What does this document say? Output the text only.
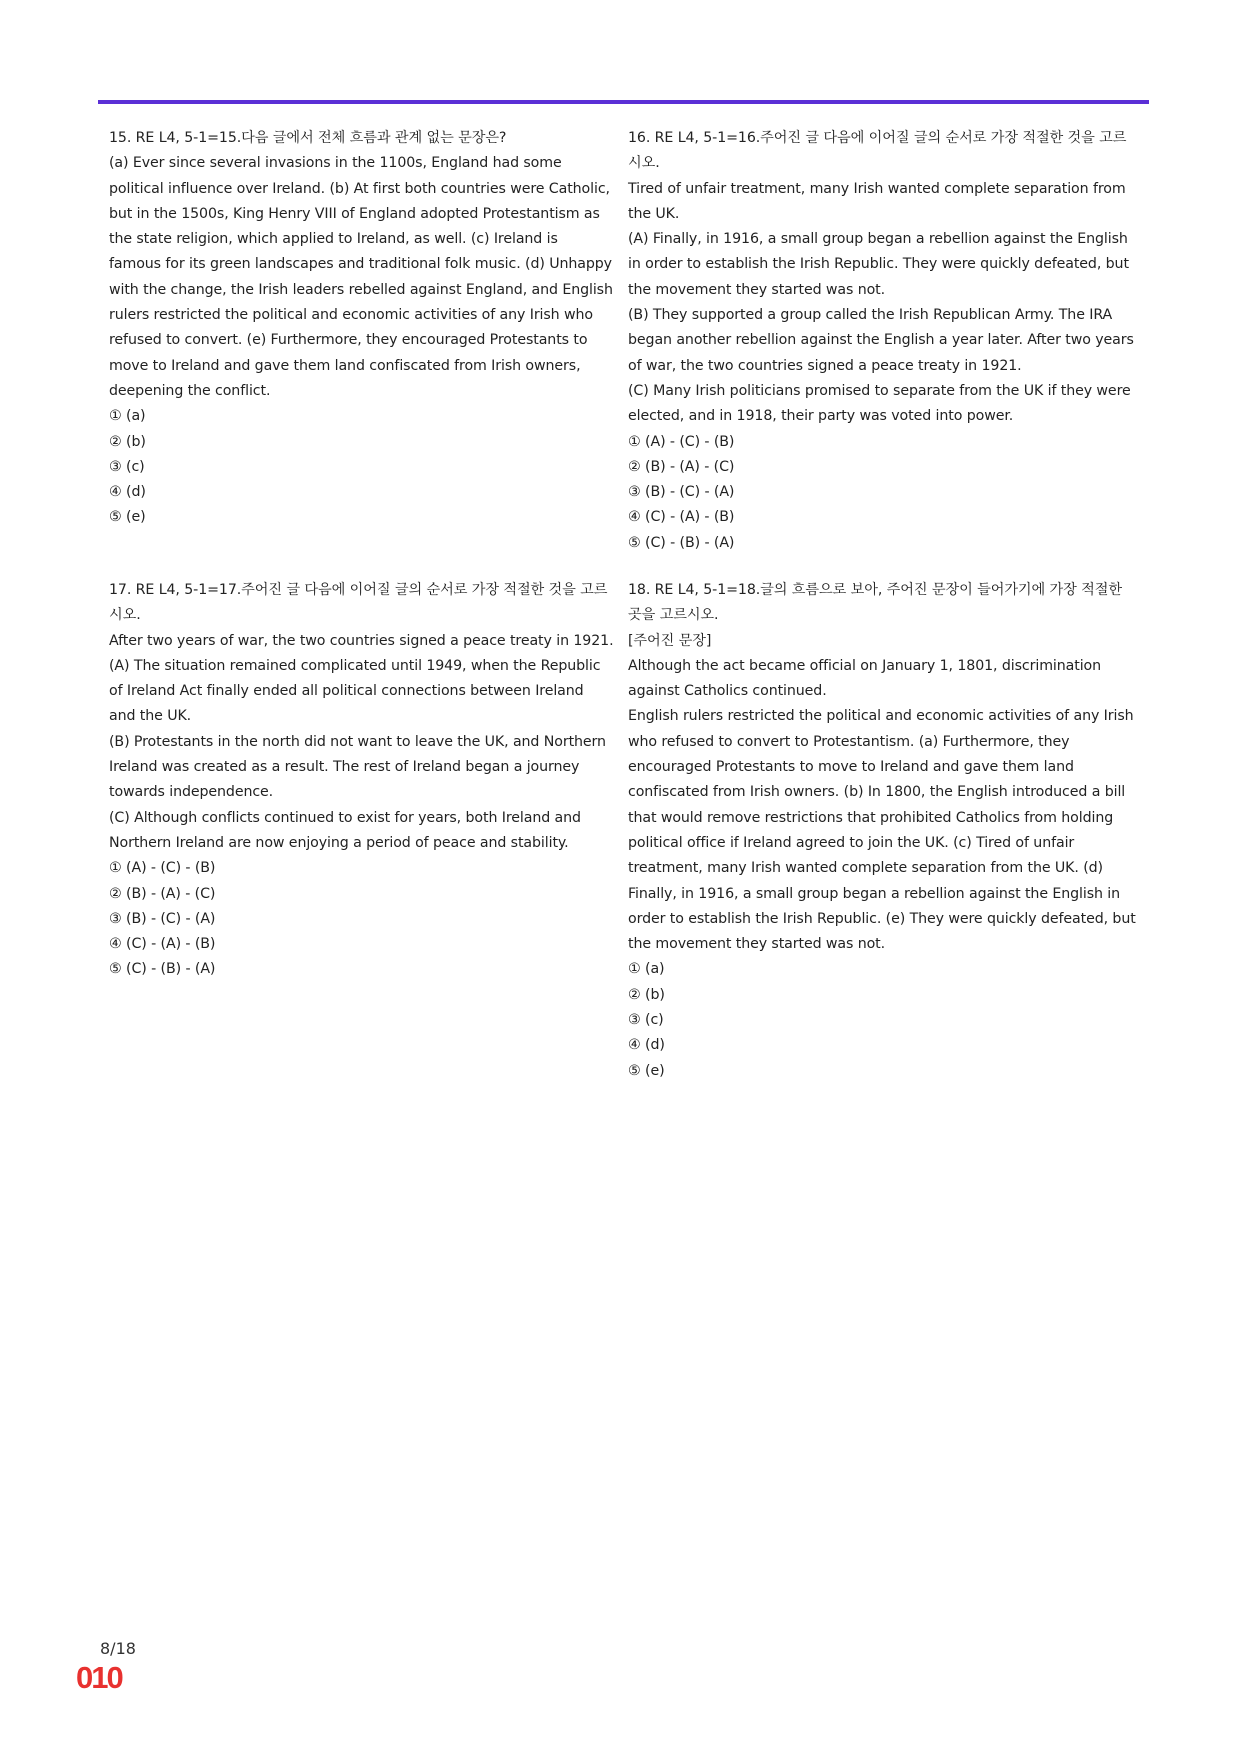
15. RE L4, 5-1=15.다음 글에서 전체 흐름과 관계 없는 문장은?
(a) Ever since several invasions in the 1100s, England had some political influence over Ireland. (b) At first both countries were Catholic, but in the 1500s, King Henry VIII of England adopted Protestantism as the state religion, which applied to Ireland, as well. (c) Ireland is famous for its green landscapes and traditional folk music. (d) Unhappy with the change, the Irish leaders rebelled against England, and English rulers restricted the political and economic activities of any Irish who refused to convert. (e) Furthermore, they encouraged Protestants to move to Ireland and gave them land confiscated from Irish owners, deepening the conflict.
① (a)
② (b)
③ (c)
④ (d)
⑤ (e)
16. RE L4, 5-1=16.주어진 글 다음에 이어질 글의 순서로 가장 적절한 것을 고르시오.
Tired of unfair treatment, many Irish wanted complete separation from the UK.
(A) Finally, in 1916, a small group began a rebellion against the English in order to establish the Irish Republic. They were quickly defeated, but the movement they started was not.
(B) They supported a group called the Irish Republican Army. The IRA began another rebellion against the English a year later. After two years of war, the two countries signed a peace treaty in 1921.
(C) Many Irish politicians promised to separate from the UK if they were elected, and in 1918, their party was voted into power.
① (A) - (C) - (B)
② (B) - (A) - (C)
③ (B) - (C) - (A)
④ (C) - (A) - (B)
⑤ (C) - (B) - (A)
17. RE L4, 5-1=17.주어진 글 다음에 이어질 글의 순서로 가장 적절한 것을 고르시오.
After two years of war, the two countries signed a peace treaty in 1921.
(A) The situation remained complicated until 1949, when the Republic of Ireland Act finally ended all political connections between Ireland and the UK.
(B) Protestants in the north did not want to leave the UK, and Northern Ireland was created as a result. The rest of Ireland began a journey towards independence.
(C) Although conflicts continued to exist for years, both Ireland and Northern Ireland are now enjoying a period of peace and stability.
① (A) - (C) - (B)
② (B) - (A) - (C)
③ (B) - (C) - (A)
④ (C) - (A) - (B)
⑤ (C) - (B) - (A)
18. RE L4, 5-1=18.글의 흐름으로 보아, 주어진 문장이 들어가기에 가장 적절한 곳을 고르시오.
[주어진 문장]
Although the act became official on January 1, 1801, discrimination against Catholics continued.
English rulers restricted the political and economic activities of any Irish who refused to convert to Protestantism. (a) Furthermore, they encouraged Protestants to move to Ireland and gave them land confiscated from Irish owners. (b) In 1800, the English introduced a bill that would remove restrictions that prohibited Catholics from holding political office if Ireland agreed to join the UK. (c) Tired of unfair treatment, many Irish wanted complete separation from the UK. (d) Finally, in 1916, a small group began a rebellion against the English in order to establish the Irish Republic. (e) They were quickly defeated, but the movement they started was not.
① (a)
② (b)
③ (c)
④ (d)
⑤ (e)
8/18
010
